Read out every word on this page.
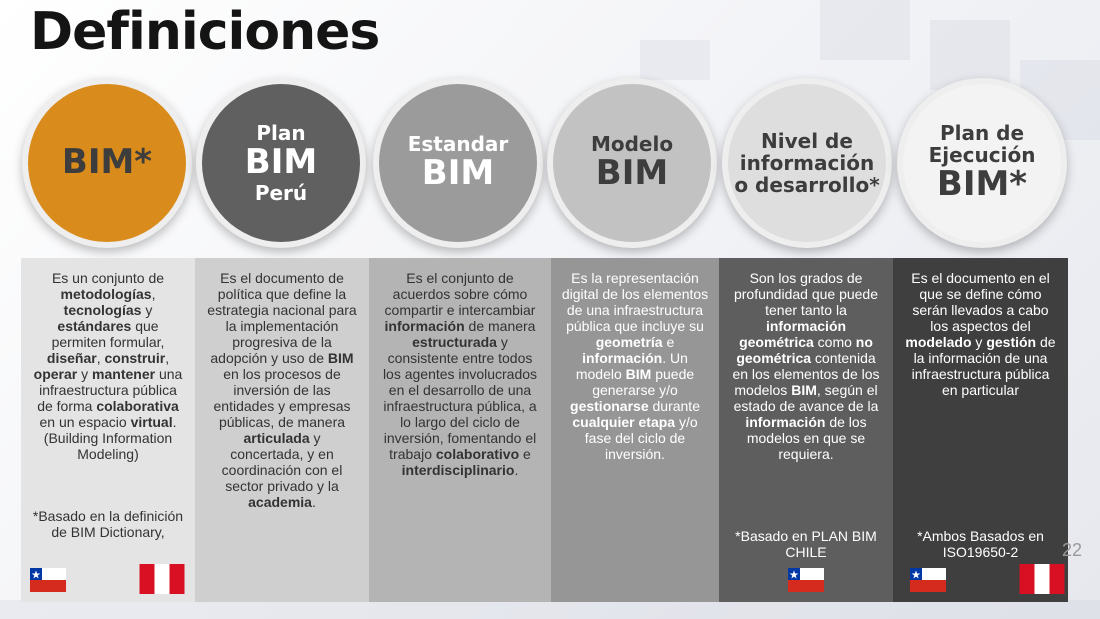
Definiciones
BIM*
Plan
BIM
Perú
Estandar
BIM
Modelo
BIM
Nivel de
información
o desarrollo*
Plan de
Ejecución
BIM*

Es un conjunto de metodologías, tecnologías y estándares que permiten formular, diseñar, construir, operar y mantener una infraestructura pública de forma colaborativa en un espacio virtual. (Building Information Modeling)

*Basado en la definición de BIM Dictionary,

Es el documento de política que define la estrategia nacional para la implementación progresiva de la adopción y uso de BIM en los procesos de inversión de las entidades y empresas públicas, de manera articulada y concertada, y en coordinación con el sector privado y la academia.

Es el conjunto de acuerdos sobre cómo compartir e intercambiar información de manera estructurada y consistente entre todos los agentes involucrados en el desarrollo de una infraestructura pública, a lo largo del ciclo de inversión, fomentando el trabajo colaborativo e interdisciplinario.

Es la representación digital de los elementos de una infraestructura pública que incluye su geometría e información. Un modelo BIM puede generarse y/o gestionarse durante cualquier etapa y/o fase del ciclo de inversión.

Son los grados de profundidad que puede tener tanto la información geométrica como no geométrica contenida en los elementos de los modelos BIM, según el estado de avance de la información de los modelos en que se requiera.

*Basado en PLAN BIM CHILE

Es el documento en el que se define cómo serán llevados a cabo los aspectos del modelado y gestión de la información de una infraestructura pública en particular

*Ambos Basados en ISO19650-2	22
